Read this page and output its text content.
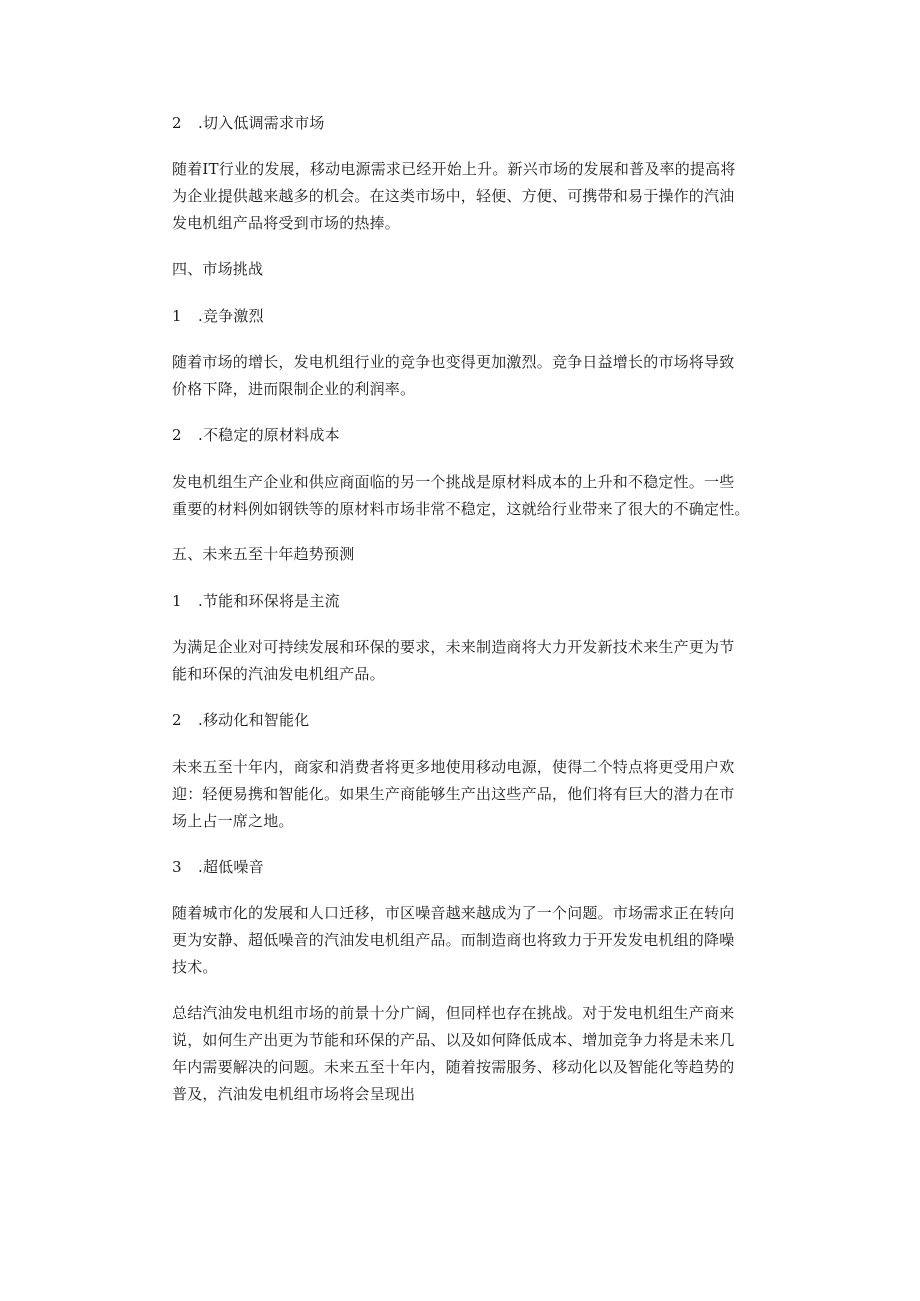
2 .切入低调需求市场
随着IT行业的发展，移动电源需求已经开始上升。新兴市场的发展和普及率的提高将
为企业提供越来越多的机会。在这类市场中，轻便、方便、可携带和易于操作的汽油
发电机组产品将受到市场的热捧。
四、市场挑战
1 .竞争激烈
随着市场的增长，发电机组行业的竞争也变得更加激烈。竞争日益增长的市场将导致
价格下降，进而限制企业的利润率。
2 .不稳定的原材料成本
发电机组生产企业和供应商面临的另一个挑战是原材料成本的上升和不稳定性。一些
重要的材料例如钢铁等的原材料市场非常不稳定，这就给行业带来了很大的不确定性。
五、未来五至十年趋势预测
1 .节能和环保将是主流
为满足企业对可持续发展和环保的要求，未来制造商将大力开发新技术来生产更为节
能和环保的汽油发电机组产品。
2 .移动化和智能化
未来五至十年内，商家和消费者将更多地使用移动电源，使得二个特点将更受用户欢
迎：轻便易携和智能化。如果生产商能够生产出这些产品，他们将有巨大的潜力在市
场上占一席之地。
3 .超低噪音
随着城市化的发展和人口迁移，市区噪音越来越成为了一个问题。市场需求正在转向
更为安静、超低噪音的汽油发电机组产品。而制造商也将致力于开发发电机组的降噪
技术。
总结汽油发电机组市场的前景十分广阔，但同样也存在挑战。对于发电机组生产商来
说，如何生产出更为节能和环保的产品、以及如何降低成本、增加竞争力将是未来几
年内需要解决的问题。未来五至十年内，随着按需服务、移动化以及智能化等趋势的
普及，汽油发电机组市场将会呈现出
